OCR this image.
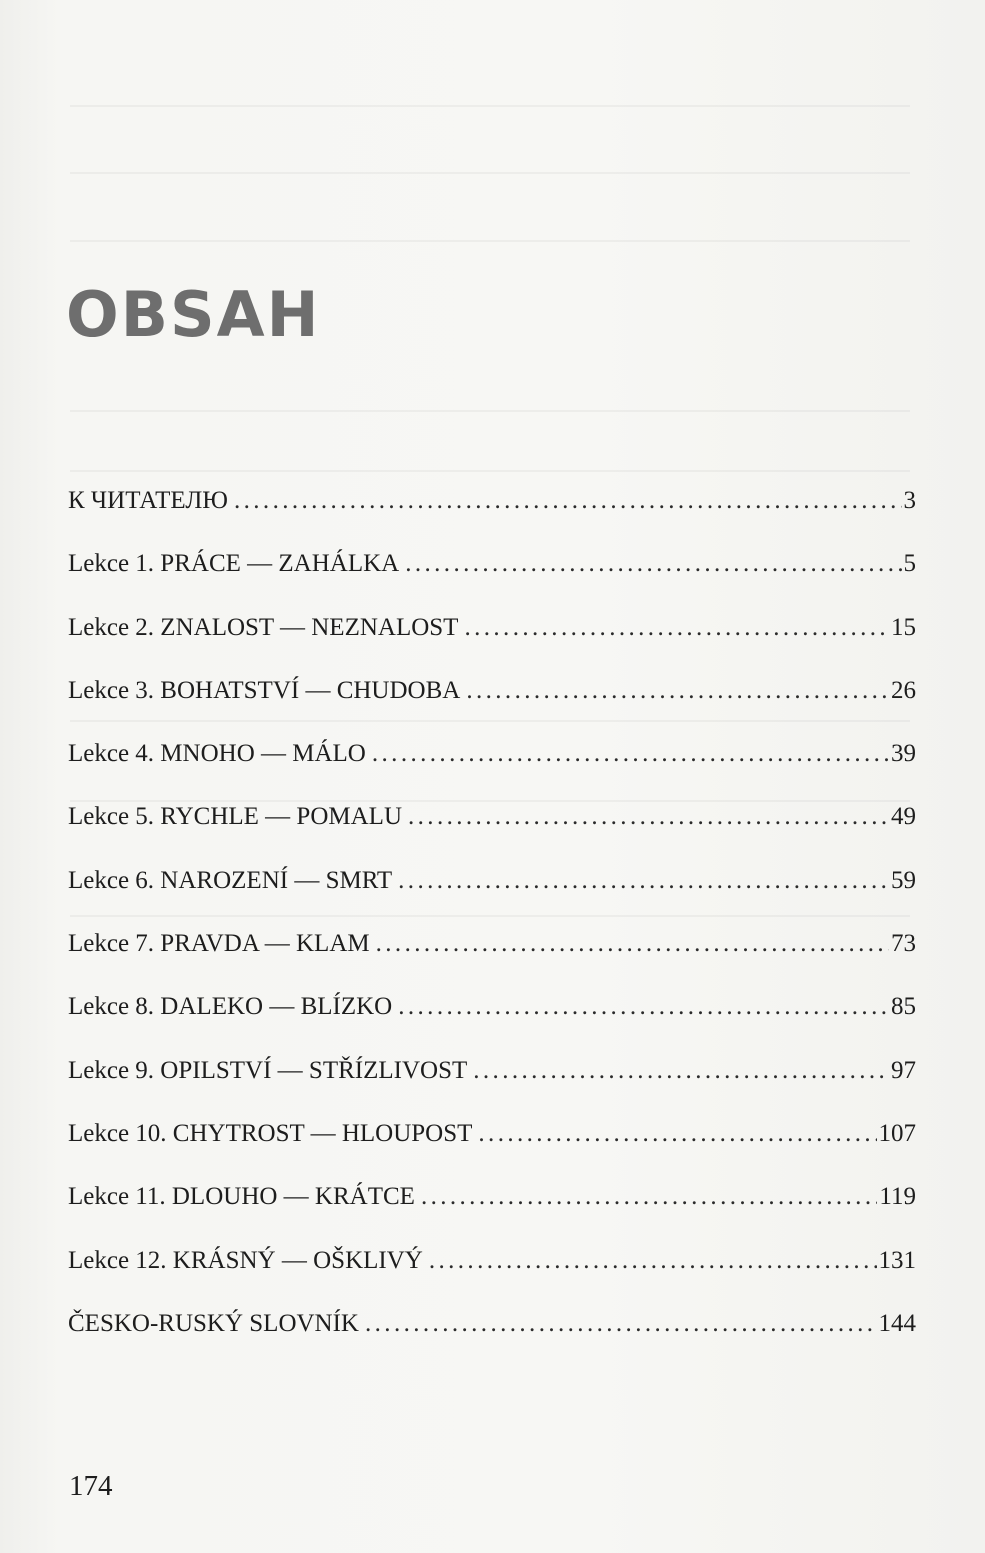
OBSAH
К ЧИТАТЕЛЮ .....	3
Lekce 1. PRÁCE — ZAHÁLKA .....	5
Lekce 2. ZNALOST — NEZNALOST .....	15
Lekce 3. BOHATSTVÍ — CHUDOBA .....	26
Lekce 4. MNOHO — MÁLO .....	39
Lekce 5. RYCHLE — POMALU .....	49
Lekce 6. NAROZENÍ — SMRT .....	59
Lekce 7. PRAVDA — KLAM .....	73
Lekce 8. DALEKO — BLÍZKO .....	85
Lekce 9. OPILSTVÍ — STŘÍZLIVOST .....	97
Lekce 10. CHYTROST — HLOUPOST .....	107
Lekce 11. DLOUHO — KRÁTCE .....	119
Lekce 12. KRÁSNÝ — OŠKLIVÝ .....	131
ČESKO-RUSKÝ SLOVNÍK .....	144
174
